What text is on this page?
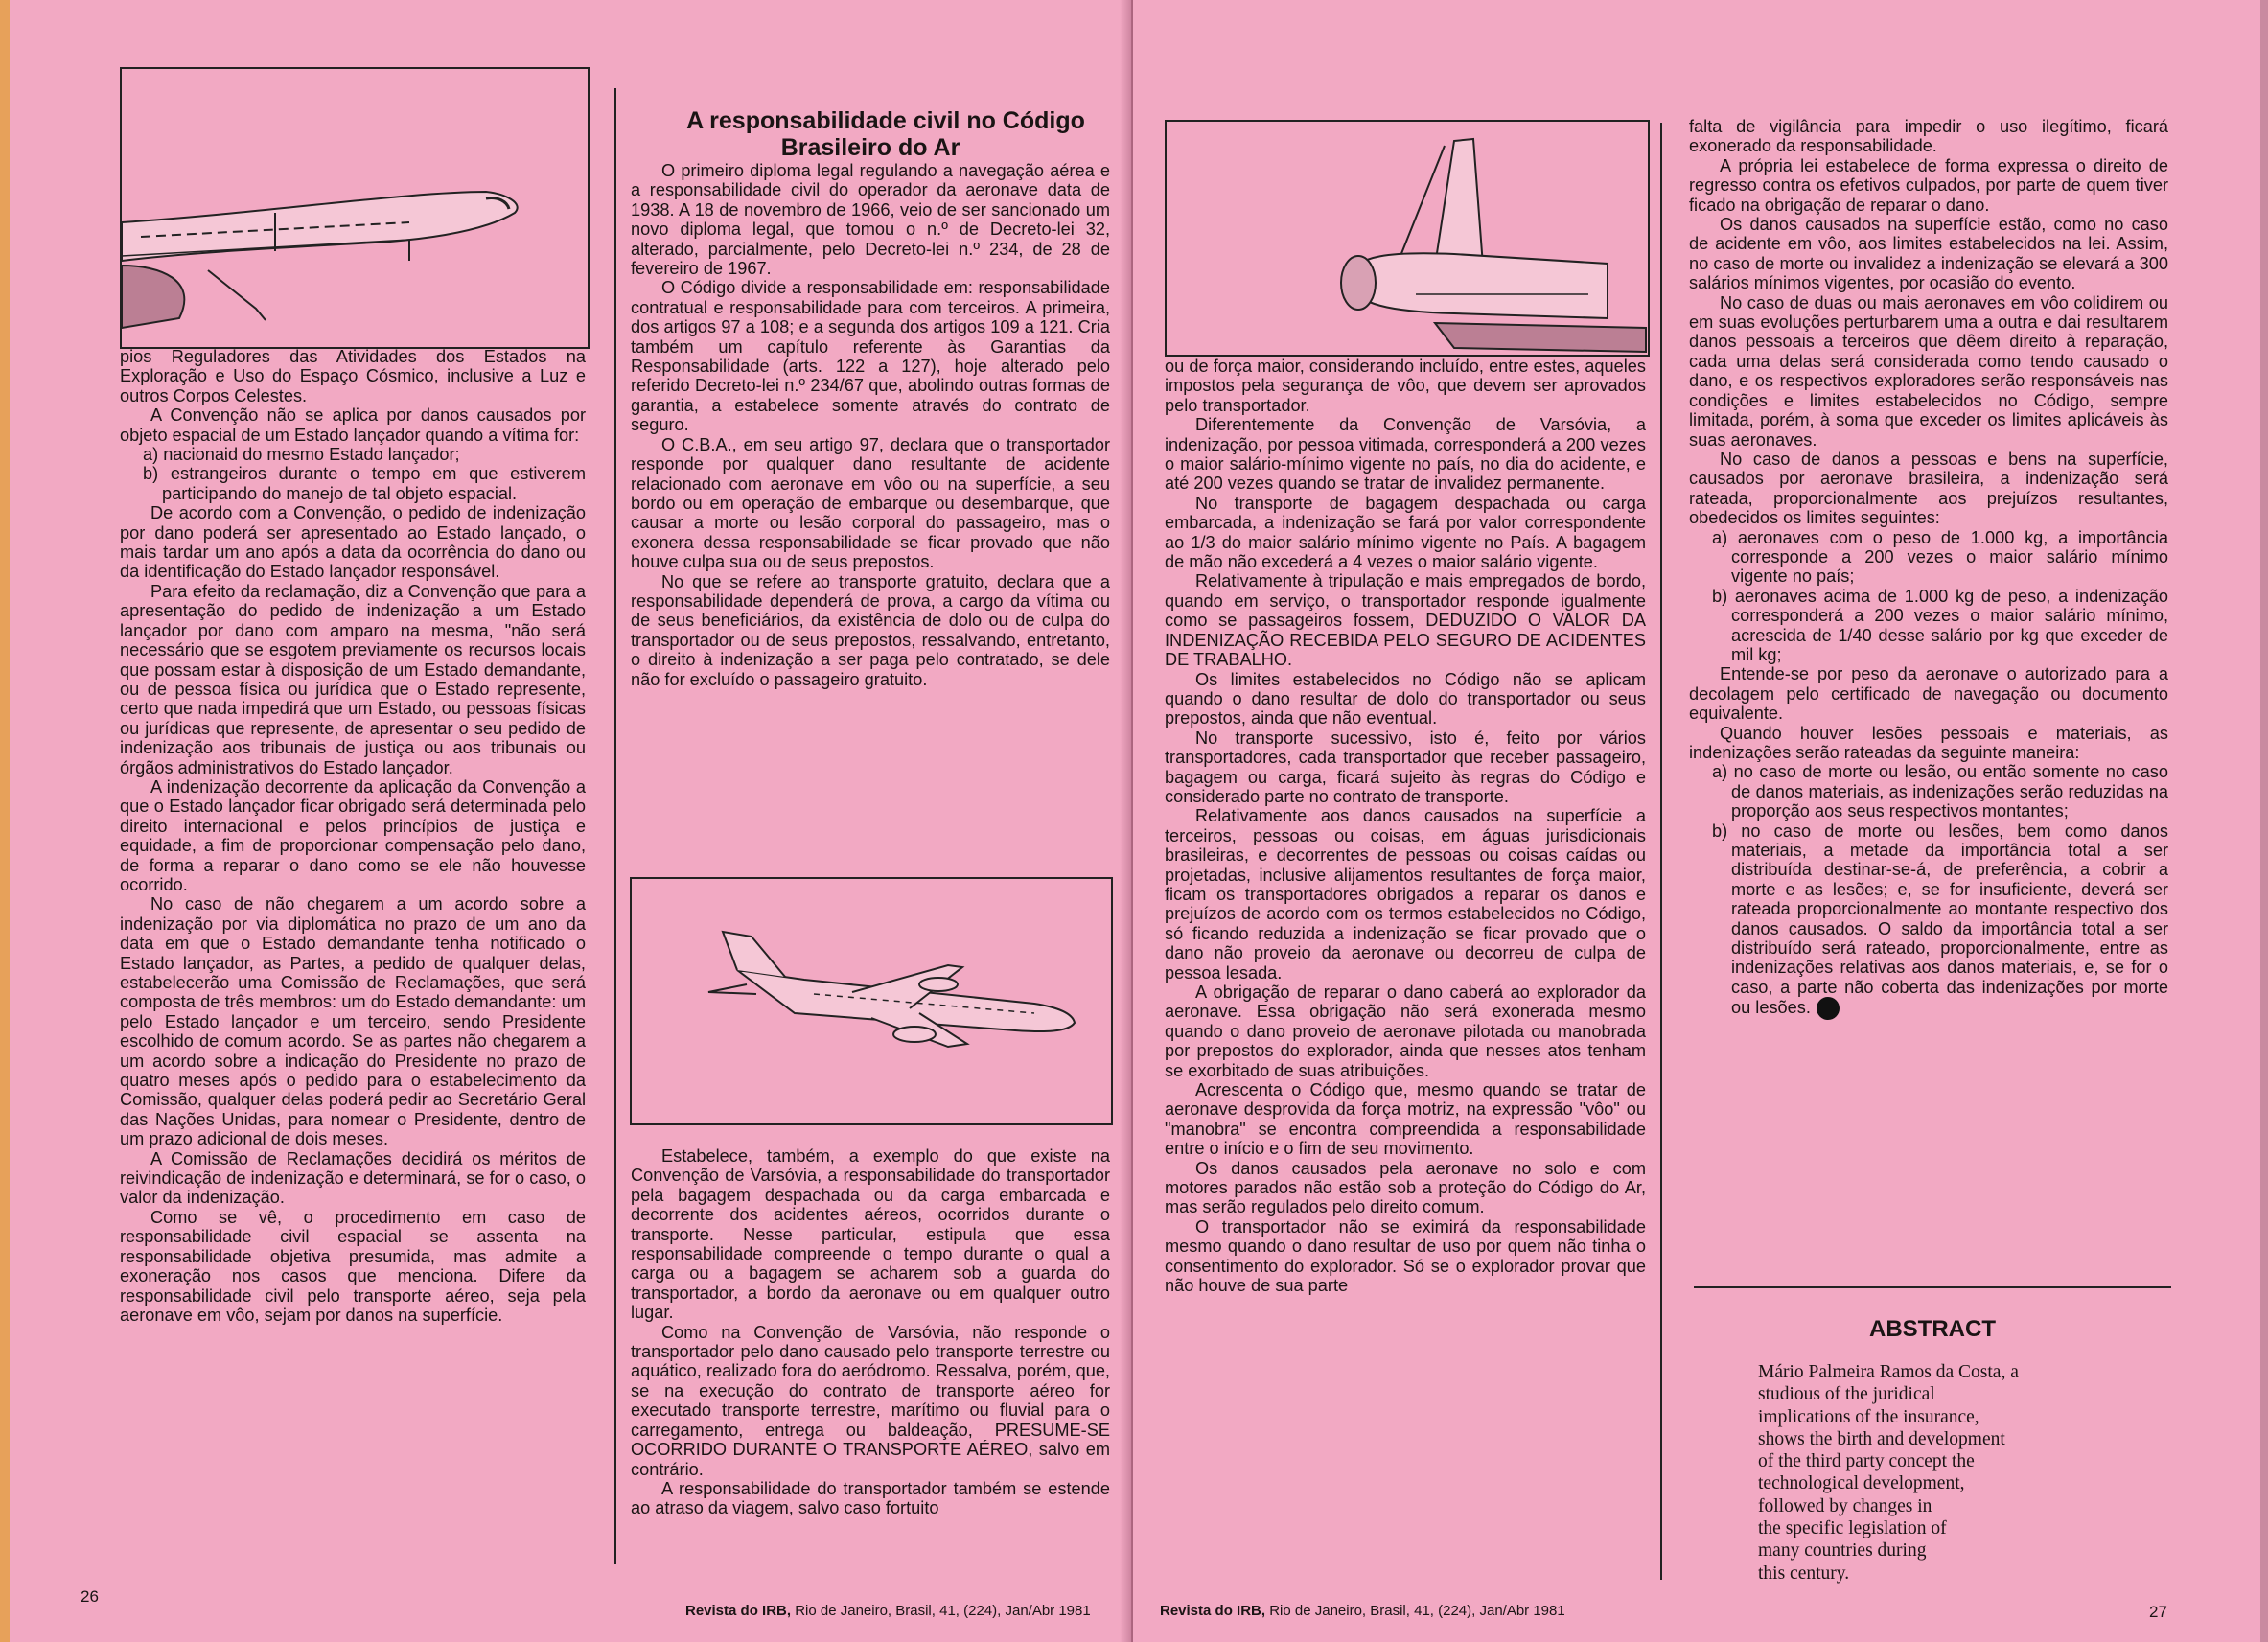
pios Reguladores das Atividades dos Estados na Exploração e Uso do Espaço Cósmico, inclusive a Luz e outros Corpos Celestes.

A Convenção não se aplica por danos causados por objeto espacial de um Estado lançador quando a vítima for:

a) nacionaid do mesmo Estado lançador;

b) estrangeiros durante o tempo em que estiverem participando do manejo de tal objeto espacial.

De acordo com a Convenção, o pedido de indenização por dano poderá ser apresentado ao Estado lançado, o mais tardar um ano após a data da ocorrência do dano ou da identificação do Estado lançador responsável.

Para efeito da reclamação, diz a Convenção que para a apresentação do pedido de indenização a um Estado lançador por dano com amparo na mesma, "não será necessário que se esgotem previamente os recursos locais que possam estar à disposição de um Estado demandante, ou de pessoa física ou jurídica que o Estado represente, certo que nada impedirá que um Estado, ou pessoas físicas ou jurídicas que represente, de apresentar o seu pedido de indenização aos tribunais de justiça ou aos tribunais ou órgãos administrativos do Estado lançador.

A indenização decorrente da aplicação da Convenção a que o Estado lançador ficar obrigado será determinada pelo direito internacional e pelos princípios de justiça e equidade, a fim de proporcionar compensação pelo dano, de forma a reparar o dano como se ele não houvesse ocorrido.

No caso de não chegarem a um acordo sobre a indenização por via diplomática no prazo de um ano da data em que o Estado demandante tenha notificado o Estado lançador, as Partes, a pedido de qualquer delas, estabelecerão uma Comissão de Reclamações, que será composta de três membros: um do Estado demandante: um pelo Estado lançador e um terceiro, sendo Presidente escolhido de comum acordo. Se as partes não chegarem a um acordo sobre a indicação do Presidente no prazo de quatro meses após o pedido para o estabelecimento da Comissão, qualquer delas poderá pedir ao Secretário Geral das Nações Unidas, para nomear o Presidente, dentro de um prazo adicional de dois meses.

A Comissão de Reclamações decidirá os méritos de reivindicação de indenização e determinará, se for o caso, o valor da indenização.

Como se vê, o procedimento em caso de responsabilidade civil espacial se assenta na responsabilidade objetiva presumida, mas admite a exoneração nos casos que menciona. Difere da responsabilidade civil pelo transporte aéreo, seja pela aeronave em vôo, sejam por danos na superfície.

A responsabilidade civil no Código Brasileiro do Ar

O primeiro diploma legal regulando a navegação aérea e a responsabilidade civil do operador da aeronave data de 1938. A 18 de novembro de 1966, veio de ser sancionado um novo diploma legal, que tomou o n.º de Decreto-lei 32, alterado, parcialmente, pelo Decreto-lei n.º 234, de 28 de fevereiro de 1967.

O Código divide a responsabilidade em: responsabilidade contratual e responsabilidade para com terceiros. A primeira, dos artigos 97 a 108; e a segunda dos artigos 109 a 121. Cria também um capítulo referente às Garantias da Responsabilidade (arts. 122 a 127), hoje alterado pelo referido Decreto-lei n.º 234/67 que, abolindo outras formas de garantia, a estabelece somente através do contrato de seguro.

O C.B.A., em seu artigo 97, declara que o transportador responde por qualquer dano resultante de acidente relacionado com aeronave em vôo ou na superfície, a seu bordo ou em operação de embarque ou desembarque, que causar a morte ou lesão corporal do passageiro, mas o exonera dessa responsabilidade se ficar provado que não houve culpa sua ou de seus prepostos.

No que se refere ao transporte gratuito, declara que a responsabilidade dependerá de prova, a cargo da vítima ou de seus beneficiários, da existência de dolo ou de culpa do transportador ou de seus prepostos, ressalvando, entretanto, o direito à indenização a ser paga pelo contratado, se dele não for excluído o passageiro gratuito.

Estabelece, também, a exemplo do que existe na Convenção de Varsóvia, a responsabilidade do transportador pela bagagem despachada ou da carga embarcada e decorrente dos acidentes aéreos, ocorridos durante o transporte. Nesse particular, estipula que essa responsabilidade compreende o tempo durante o qual a carga ou a bagagem se acharem sob a guarda do transportador, a bordo da aeronave ou em qualquer outro lugar.

Como na Convenção de Varsóvia, não responde o transportador pelo dano causado pelo transporte terrestre ou aquático, realizado fora do aeródromo. Ressalva, porém, que, se na execução do contrato de transporte aéreo for executado transporte terrestre, marítimo ou fluvial para o carregamento, entrega ou baldeação, PRESUME-SE OCORRIDO DURANTE O TRANSPORTE AÉREO, salvo em contrário.

A responsabilidade do transportador também se estende ao atraso da viagem, salvo caso fortuito

26
Revista do IRB, Rio de Janeiro, Brasil, 41, (224), Jan/Abr 1981

ou de força maior, considerando incluído, entre estes, aqueles impostos pela segurança de vôo, que devem ser aprovados pelo transportador.

Diferentemente da Convenção de Varsóvia, a indenização, por pessoa vitimada, corresponderá a 200 vezes o maior salário-mínimo vigente no país, no dia do acidente, e até 200 vezes quando se tratar de invalidez permanente.

No transporte de bagagem despachada ou carga embarcada, a indenização se fará por valor correspondente ao 1/3 do maior salário mínimo vigente no País. A bagagem de mão não excederá a 4 vezes o maior salário vigente.

Relativamente à tripulação e mais empregados de bordo, quando em serviço, o transportador responde igualmente como se passageiros fossem, DEDUZIDO O VALOR DA INDENIZAÇÃO RECEBIDA PELO SEGURO DE ACIDENTES DE TRABALHO.

Os limites estabelecidos no Código não se aplicam quando o dano resultar de dolo do transportador ou seus prepostos, ainda que não eventual.

No transporte sucessivo, isto é, feito por vários transportadores, cada transportador que receber passageiro, bagagem ou carga, ficará sujeito às regras do Código e considerado parte no contrato de transporte.

Relativamente aos danos causados na superfície a terceiros, pessoas ou coisas, em águas jurisdicionais brasileiras, e decorrentes de pessoas ou coisas caídas ou projetadas, inclusive alijamentos resultantes de força maior, ficam os transportadores obrigados a reparar os danos e prejuízos de acordo com os termos estabelecidos no Código, só ficando reduzida a indenização se ficar provado que o dano não proveio da aeronave ou decorreu de culpa de pessoa lesada.

A obrigação de reparar o dano caberá ao explorador da aeronave. Essa obrigação não será exonerada mesmo quando o dano proveio de aeronave pilotada ou manobrada por prepostos do explorador, ainda que nesses atos tenham se exorbitado de suas atribuições.

Acrescenta o Código que, mesmo quando se tratar de aeronave desprovida da força motriz, na expressão "vôo" ou "manobra" se encontra compreendida a responsabilidade entre o início e o fim de seu movimento.

Os danos causados pela aeronave no solo e com motores parados não estão sob a proteção do Código do Ar, mas serão regulados pelo direito comum.

O transportador não se eximirá da responsabilidade mesmo quando o dano resultar de uso por quem não tinha o consentimento do explorador. Só se o explorador provar que não houve de sua parte

falta de vigilância para impedir o uso ilegítimo, ficará exonerado da responsabilidade.

A própria lei estabelece de forma expressa o direito de regresso contra os efetivos culpados, por parte de quem tiver ficado na obrigação de reparar o dano.

Os danos causados na superfície estão, como no caso de acidente em vôo, aos limites estabelecidos na lei. Assim, no caso de morte ou invalidez a indenização se elevará a 300 salários mínimos vigentes, por ocasião do evento.

No caso de duas ou mais aeronaves em vôo colidirem ou em suas evoluções perturbarem uma a outra e dai resultarem danos pessoais a terceiros que dêem direito à reparação, cada uma delas será considerada como tendo causado o dano, e os respectivos exploradores serão responsáveis nas condições e limites estabelecidos no Código, sempre limitada, porém, à soma que exceder os limites aplicáveis às suas aeronaves.

No caso de danos a pessoas e bens na superfície, causados por aeronave brasileira, a indenização será rateada, proporcionalmente aos prejuízos resultantes, obedecidos os limites seguintes:

a) aeronaves com o peso de 1.000 kg, a importância corresponde a 200 vezes o maior salário mínimo vigente no país;

b) aeronaves acima de 1.000 kg de peso, a indenização corresponderá a 200 vezes o maior salário mínimo, acrescida de 1/40 desse salário por kg que exceder de mil kg;

Entende-se por peso da aeronave o autorizado para a decolagem pelo certificado de navegação ou documento equivalente.

Quando houver lesões pessoais e materiais, as indenizações serão rateadas da seguinte maneira:

a) no caso de morte ou lesão, ou então somente no caso de danos materiais, as indenizações serão reduzidas na proporção aos seus respectivos montantes;

b) no caso de morte ou lesões, bem como danos materiais, a metade da importância total a ser distribuída destinar-se-á, de preferência, a cobrir a morte e as lesões; e, se for insuficiente, deverá ser rateada proporcionalmente ao montante respectivo dos danos causados. O saldo da importância total a ser distribuído será rateado, proporcionalmente, entre as indenizações relativas aos danos materiais, e, se for o caso, a parte não coberta das indenizações por morte ou lesões.

ABSTRACT
Mário Palmeira Ramos da Costa, a
studious of the juridical
implications of the insurance,
shows the birth and development
of the third party concept the
technological development,
followed by changes in
the specific legislation of
many countries during
this century.
Revista do IRB, Rio de Janeiro, Brasil, 41, (224), Jan/Abr 1981	27
